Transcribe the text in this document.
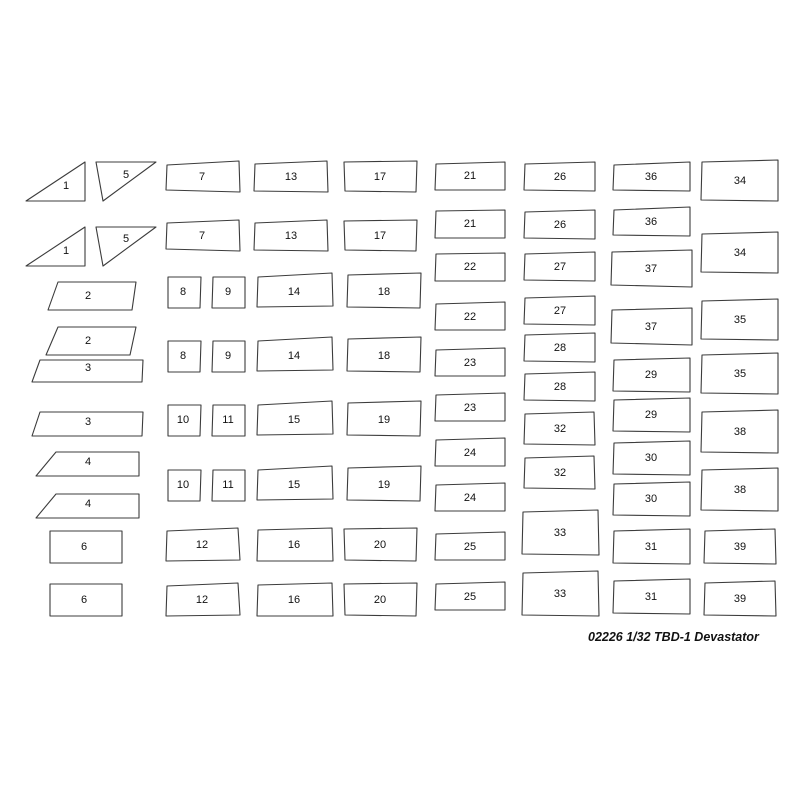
1
5
1
5
2
2
3
3
4
4
6
6
7
7
8	9	14
8	9	14
10	11	15
10	11	15
12	16
12	16
13
13
17
17
18
18
19
19
20
20
21
21
22
22
23
23
24
24
25
25
26
26
27
27
28
28
32
32
33
33
36
36
37
37
29
29
30
30
31
31
34
34
35
35
38
38
39
39
02226 1/32 TBD-1 Devastator
